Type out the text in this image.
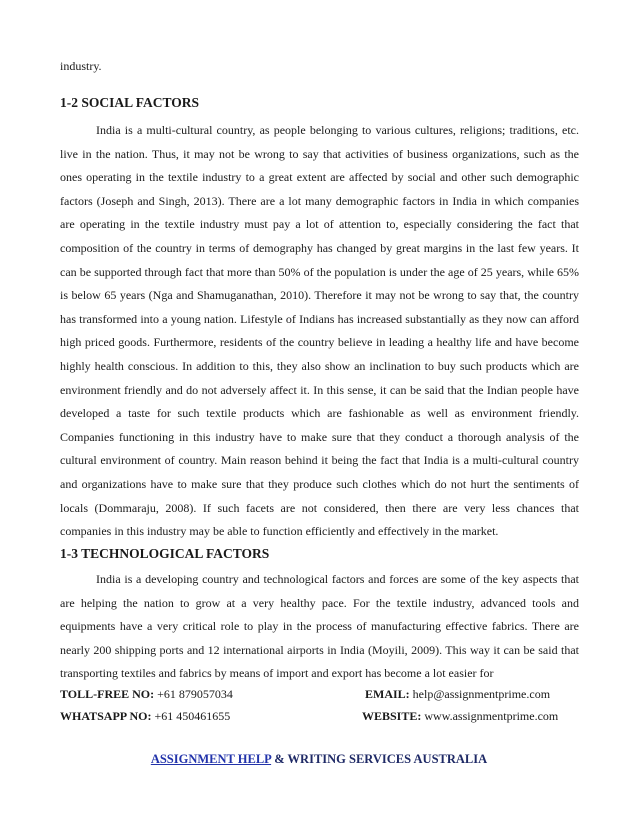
industry.

1-2 SOCIAL FACTORS

India is a multi-cultural country, as people belonging to various cultures, religions; traditions, etc. live in the nation. Thus, it may not be wrong to say that activities of business organizations, such as the ones operating in the textile industry to a great extent are affected by social and other such demographic factors (Joseph and Singh, 2013). There are a lot many demographic factors in India in which companies are operating in the textile industry must pay a lot of attention to, especially considering the fact that composition of the country in terms of demography has changed by great margins in the last few years. It can be supported through fact that more than 50% of the population is under the age of 25 years, while 65% is below 65 years (Nga and Shamuganathan, 2010). Therefore it may not be wrong to say that, the country has transformed into a young nation. Lifestyle of Indians has increased substantially as they now can afford high priced goods. Furthermore, residents of the country believe in leading a healthy life and have become highly health conscious. In addition to this, they also show an inclination to buy such products which are environment friendly and do not adversely affect it. In this sense, it can be said that the Indian people have developed a taste for such textile products which are fashionable as well as environment friendly. Companies functioning in this industry have to make sure that they conduct a thorough analysis of the cultural environment of country. Main reason behind it being the fact that India is a multi-cultural country and organizations have to make sure that they produce such clothes which do not hurt the sentiments of locals (Dommaraju, 2008). If such facets are not considered, then there are very less chances that companies in this industry may be able to function efficiently and effectively in the market.

1-3 TECHNOLOGICAL FACTORS

India is a developing country and technological factors and forces are some of the key aspects that are helping the nation to grow at a very healthy pace. For the textile industry, advanced tools and equipments have a very critical role to play in the process of manufacturing effective fabrics. There are nearly 200 shipping ports and 12 international airports in India (Moyili, 2009). This way it can be said that transporting textiles and fabrics by means of import and export has become a lot easier for

TOLL-FREE NO: +61 879057034	EMAIL: help@assignmentprime.com
WHATSAPP NO: +61 450461655	WEBSITE: www.assignmentprime.com
ASSIGNMENT HELP & WRITING SERVICES AUSTRALIA
